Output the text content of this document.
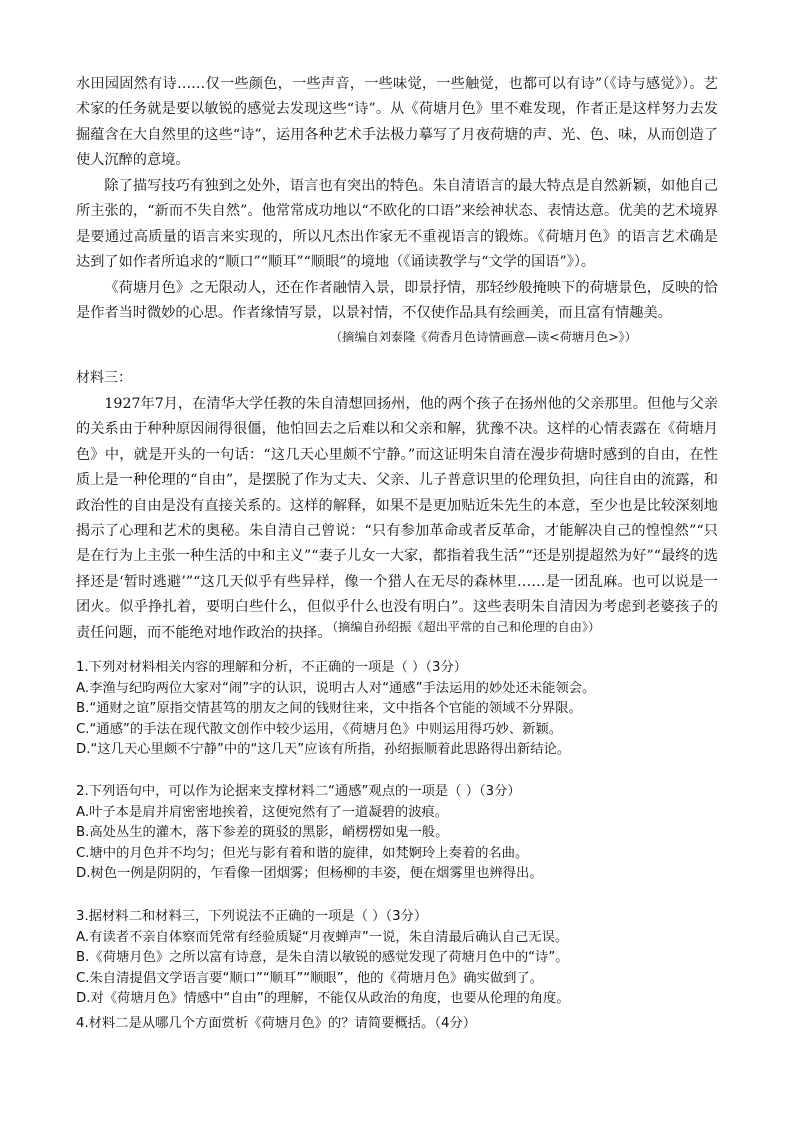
水田园固然有诗……仅一些颜色，一些声音，一些味觉，一些触觉，也都可以有诗”（《诗与感觉》）。艺术家的任务就是要以敏锐的感觉去发现这些“诗”。从《荷塘月色》里不难发现，作者正是这样努力去发掘蕴含在大自然里的这些“诗”，运用各种艺术手法极力摹写了月夜荷塘的声、光、色、味，从而创造了使人沉醉的意境。

除了描写技巧有独到之处外，语言也有突出的特色。朱自清语言的最大特点是自然新颖，如他自己所主张的，“新而不失自然”。他常常成功地以“不欧化的口语”来绘神状态、表情达意。优美的艺术境界是要通过高质量的语言来实现的，所以凡杰出作家无不重视语言的锻炼。《荷塘月色》的语言艺术确是达到了如作者所追求的“顺口”“顺耳”“顺眼”的境地（《诵读教学与“文学的国语”》）。

《荷塘月色》之无限动人，还在作者融情入景，即景抒情，那轻纱般掩映下的荷塘景色，反映的恰是作者当时微妙的心思。作者缘情写景，以景衬情，不仅使作品具有绘画美，而且富有情趣美。

（摘编自刘泰隆《荷香月色诗情画意—读<荷塘月色>》）

材料三：

1927年7月，在清华大学任教的朱自清想回扬州，他的两个孩子在扬州他的父亲那里。但他与父亲的关系由于种种原因闹得很僵，他怕回去之后难以和父亲和解，犹豫不决。这样的心情表露在《荷塘月色》中，就是开头的一句话：“这几天心里颇不宁静。”而这证明朱自清在漫步荷塘时感到的自由，在性质上是一种伦理的“自由”，是摆脱了作为丈夫、父亲、儿子普意识里的伦理负担，向往自由的流露，和政治性的自由是没有直接关系的。这样的解释，如果不是更加贴近朱先生的本意，至少也是比较深刻地揭示了心理和艺术的奥秘。朱自清自己曾说：“只有参加革命或者反革命，才能解决自己的惶惶然”“只是在行为上主张一种生活的中和主义”“妻子儿女一大家，都指着我生活”“还是别提超然为好”“最终的选择还是‘暂时逃避’”“这几天似乎有些异样，像一个猎人在无尽的森林里……是一团乱麻。也可以说是一团火。似乎挣扎着，要明白些什么，但似乎什么也没有明白”。这些表明朱自清因为考虑到老婆孩子的责任问题，而不能绝对地作政治的抉择。

（摘编自孙绍振《超出平常的自己和伦理的自由》）

1.下列对材料相关内容的理解和分析，不正确的一项是（ ）（3分）
A.李渔与纪昀两位大家对“闹”字的认识，说明古人对“通感”手法运用的妙处还未能领会。
B.“通财之谊”原指交情甚笃的朋友之间的钱财往来，文中指各个官能的领域不分界限。
C.“通感”的手法在现代散文创作中较少运用，《荷塘月色》中则运用得巧妙、新颖。
D.“这几天心里颇不宁静”中的“这几天”应该有所指，孙绍振顺着此思路得出新结论。
2.下列语句中，可以作为论据来支撑材料二“通感”观点的一项是（ ）（3分）
A.叶子本是肩并肩密密地挨着，这便宛然有了一道凝碧的波痕。
B.高处丛生的灌木，落下参差的斑驳的黑影，峭楞楞如鬼一般。
C.塘中的月色并不均匀；但光与影有着和谐的旋律，如梵婀玲上奏着的名曲。
D.树色一例是阴阴的，乍看像一团烟雾；但杨柳的丰姿，便在烟雾里也辨得出。
3.据材料二和材料三，下列说法不正确的一项是（ ）（3分）
A.有读者不亲自体察而凭常有经验质疑“月夜蝉声”一说，朱自清最后确认自己无误。
B.《荷塘月色》之所以富有诗意，是朱自清以敏锐的感觉发现了荷塘月色中的“诗”。
C.朱自清提倡文学语言要“顺口”“顺耳”“顺眼”，他的《荷塘月色》确实做到了。
D.对《荷塘月色》情感中“自由”的理解，不能仅从政治的角度，也要从伦理的角度。
4.材料二是从哪几个方面赏析《荷塘月色》的？请简要概括。（4分）
